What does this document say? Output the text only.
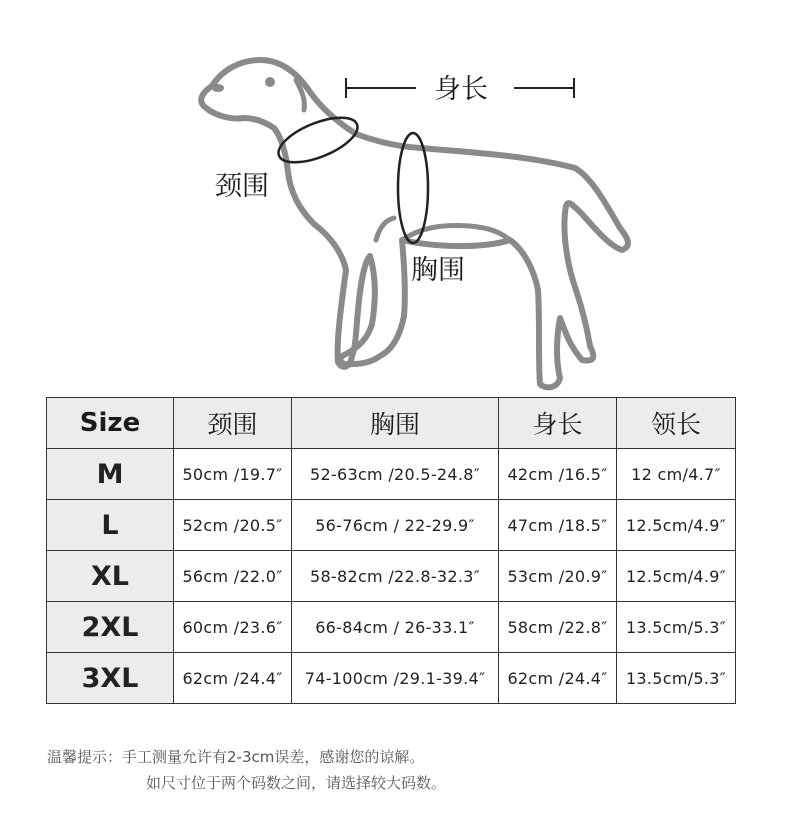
身长
颈围
胸围
Size	颈围	胸围	身长	领长
M	50cm /19.7″	52-63cm /20.5-24.8″	42cm /16.5″	12 cm/4.7″
L	52cm /20.5″	56-76cm / 22-29.9″	47cm /18.5″	12.5cm/4.9″
XL	56cm /22.0″	58-82cm /22.8-32.3″	53cm /20.9″	12.5cm/4.9″
2XL	60cm /23.6″	66-84cm / 26-33.1″	58cm /22.8″	13.5cm/5.3″
3XL	62cm /24.4″	74-100cm /29.1-39.4″	62cm /24.4″	13.5cm/5.3″
温馨提示：手工测量允许有2-3cm误差，感谢您的谅解。
如尺寸位于两个码数之间，请选择较大码数。
